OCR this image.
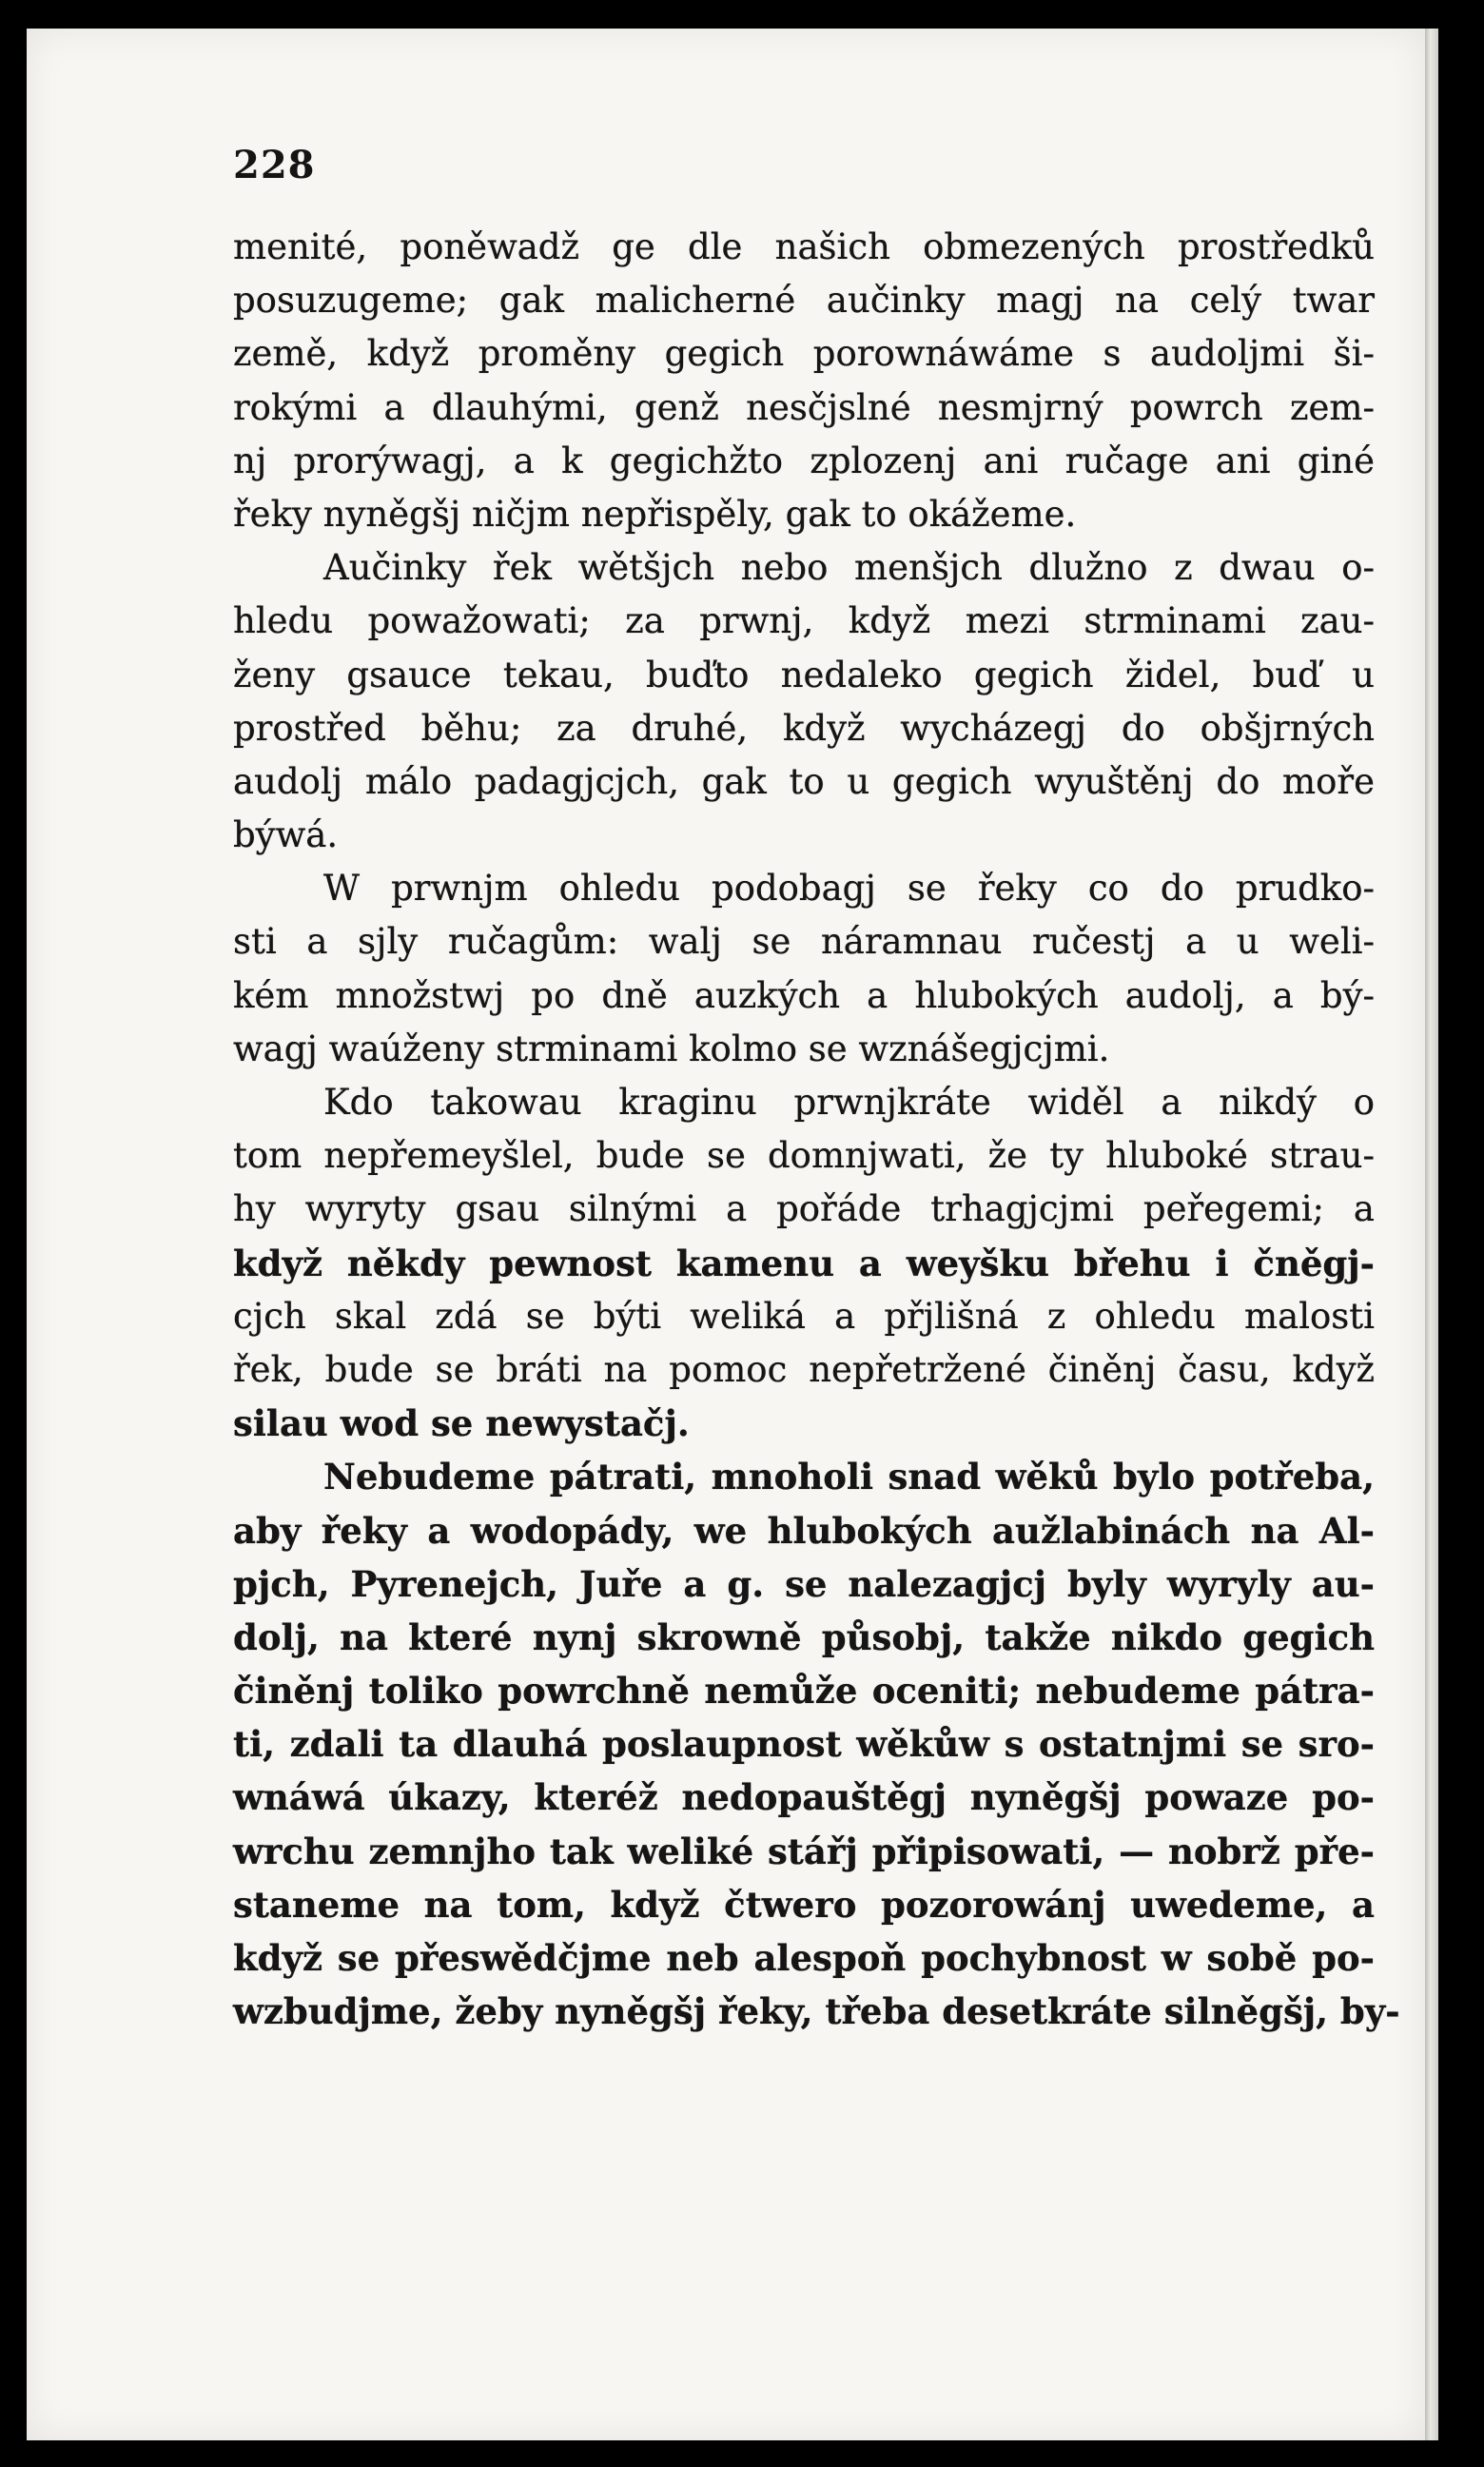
228
menité, poněwadž ge dle našich obmezených prostředků
posuzugeme; gak malicherné aučinky magj na celý twar
země, když proměny gegich porownáwáme s audoljmi ši-
rokými a dlauhými, genž nesčjslné nesmjrný powrch zem-
nj prorýwagj, a k gegichžto zplozenj ani ručage ani giné
řeky nyněgšj ničjm nepřispěly, gak to okážeme.
Aučinky řek wětšjch nebo menšjch dlužno z dwau o-
hledu powažowati; za prwnj, když mezi strminami zau-
ženy gsauce tekau, buďto nedaleko gegich židel, buď u
prostřed běhu; za druhé, když wycházegj do obšjrných
audolj málo padagjcjch, gak to u gegich wyuštěnj do moře
býwá.
W prwnjm ohledu podobagj se řeky co do prudko-
sti a sjly ručagům: walj se náramnau ručestj a u weli-
kém množstwj po dně auzkých a hlubokých audolj, a bý-
wagj waúženy strminami kolmo se wznášegjcjmi.
Kdo takowau kraginu prwnjkráte widěl a nikdý o
tom nepřemeyšlel, bude se domnjwati, že ty hluboké strau-
hy wyryty gsau silnými a pořáde trhagjcjmi peřegemi; a
když někdy pewnost kamenu a weyšku břehu i čněgj-
cjch skal zdá se býti weliká a přjlišná z ohledu malosti
řek, bude se bráti na pomoc nepřetržené činěnj času, když
silau wod se newystačj.
Nebudeme pátrati, mnoholi snad wěků bylo potřeba,
aby řeky a wodopády, we hlubokých aužlabinách na Al-
pjch, Pyrenejch, Juře a g. se nalezagjcj byly wyryly au-
dolj, na které nynj skrowně působj, takže nikdo gegich
činěnj toliko powrchně nemůže oceniti; nebudeme pátra-
ti, zdali ta dlauhá poslaupnost wěkůw s ostatnjmi se sro-
wnáwá úkazy, kteréž nedopauštěgj nyněgšj powaze po-
wrchu zemnjho tak weliké stářj připisowati, — nobrž pře-
staneme na tom, když čtwero pozorowánj uwedeme, a
když se přeswědčjme neb alespoň pochybnost w sobě po-
wzbudjme, žeby nyněgšj řeky, třeba desetkráte silněgšj, by-
